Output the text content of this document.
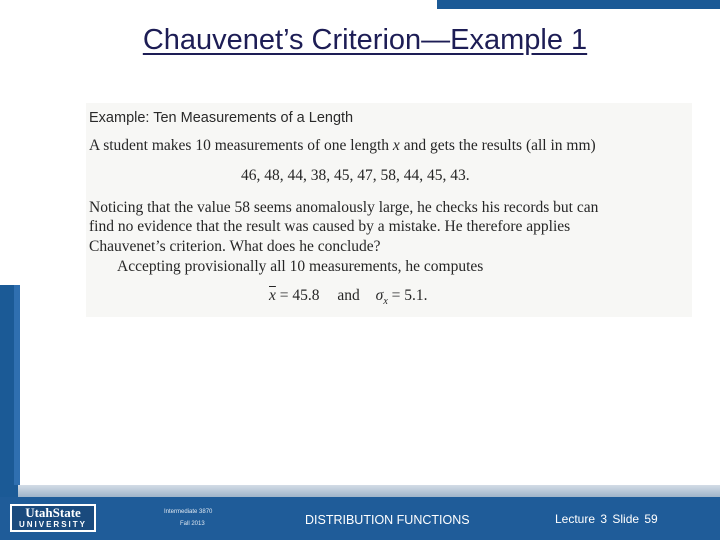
Chauvenet’s Criterion—Example 1
Example: Ten Measurements of a Length
A student makes 10 measurements of one length x and gets the results (all in mm)
46, 48, 44, 38, 45, 47, 58, 44, 45, 43.
Noticing that the value 58 seems anomalously large, he checks his records but can
find no evidence that the result was caused by a mistake. He therefore applies
Chauvenet’s criterion. What does he conclude?
Accepting provisionally all 10 measurements, he computes
$\overline{x} = 45.8$ and $\sigma_x = 5.1$.
UtahState
UNIVERSITY
Intermediate 3870
Fall 2013	DISTRIBUTION FUNCTIONS	Lecture 3 Slide 59
